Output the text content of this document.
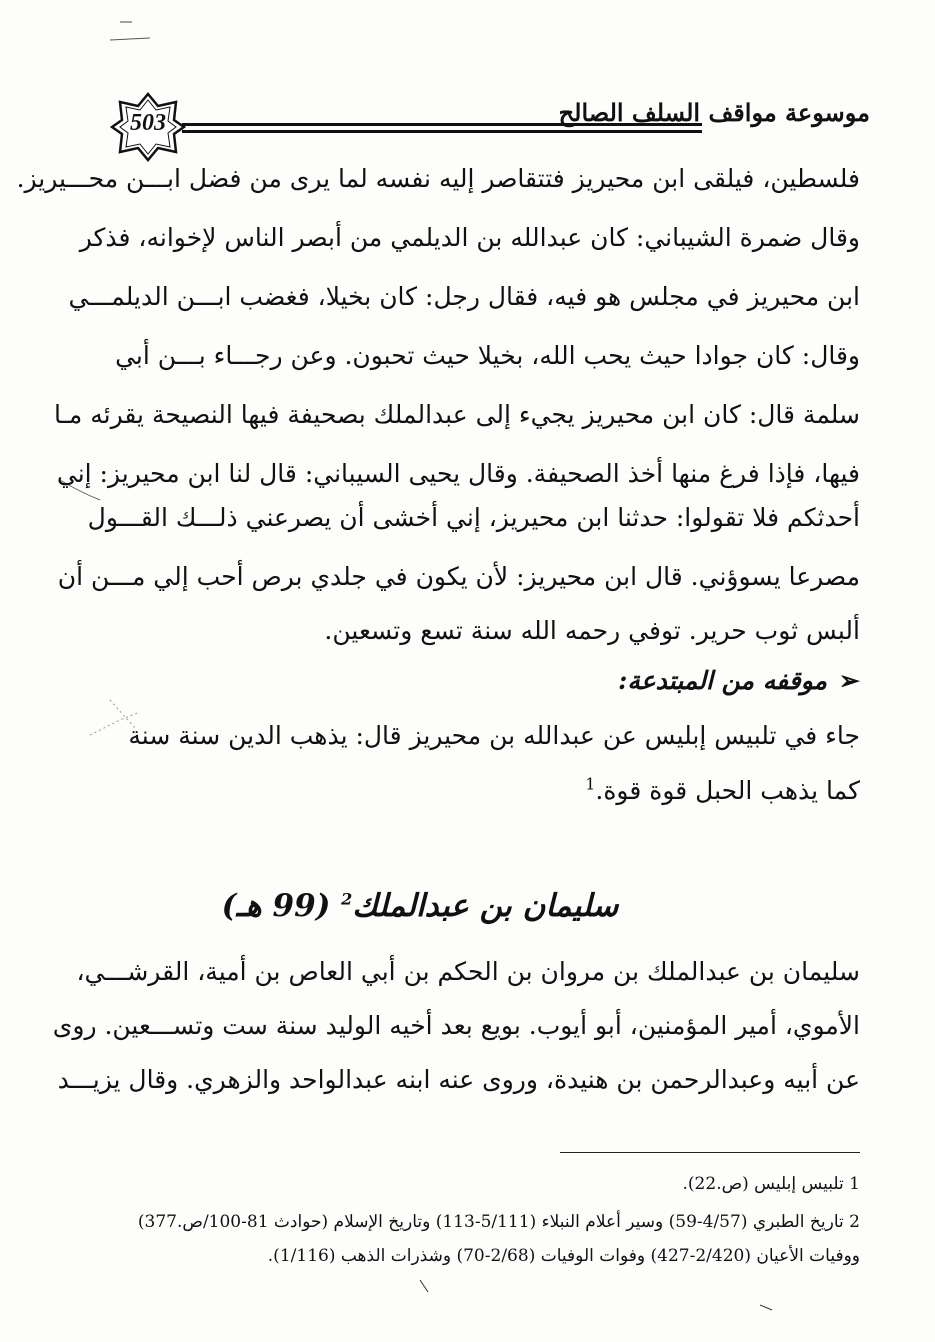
503	موسوعة مواقف السلف الصالح
فلسطين، فيلقى ابن محيريز فتتقاصر إليه نفسه لما يرى من فضل ابـــن محـــيريز.
وقال ضمرة الشيباني: كان عبدالله بن الديلمي من أبصر الناس لإخوانه، فذكر
ابن محيريز في مجلس هو فيه، فقال رجل: كان بخيلا، فغضب ابـــن الديلمـــي
وقال: كان جوادا حيث يحب الله، بخيلا حيث تحبون. وعن رجـــاء بـــن أبي
سلمة قال: كان ابن محيريز يجيء إلى عبدالملك بصحيفة فيها النصيحة يقرئه مـا
فيها، فإذا فرغ منها أخذ الصحيفة. وقال يحيى السيباني: قال لنا ابن محيريز: إني
أحدثكم فلا تقولوا: حدثنا ابن محيريز، إني أخشى أن يصرعني ذلـــك القـــول
مصرعا يسوؤني. قال ابن محيريز: لأن يكون في جلدي برص أحب إلي مـــن أن
ألبس ثوب حرير. توفي رحمه الله سنة تسع وتسعين.
➢موقفه من المبتدعة:
جاء في تلبيس إبليس عن عبدالله بن محيريز قال: يذهب الدين سنة سنة
كما يذهب الحبل قوة قوة.$^1$
سليمان بن عبدالملك$^2$ (99 هـ)
سليمان بن عبدالملك بن مروان بن الحكم بن أبي العاص بن أمية، القرشـــي،
الأموي، أمير المؤمنين، أبو أيوب. بويع بعد أخيه الوليد سنة ست وتســـعين. روى
عن أبيه وعبدالرحمن بن هنيدة، وروى عنه ابنه عبدالواحد والزهري. وقال يزيـــد
1 تلبيس إبليس (ص.22).
2 تاريخ الطبري (4/57-59) وسير أعلام النبلاء (5/111-113) وتاريخ الإسلام (حوادث 81-100/ص.377)
ووفيات الأعيان (2/420-427) وفوات الوفيات (2/68-70) وشذرات الذهب (1/116).
